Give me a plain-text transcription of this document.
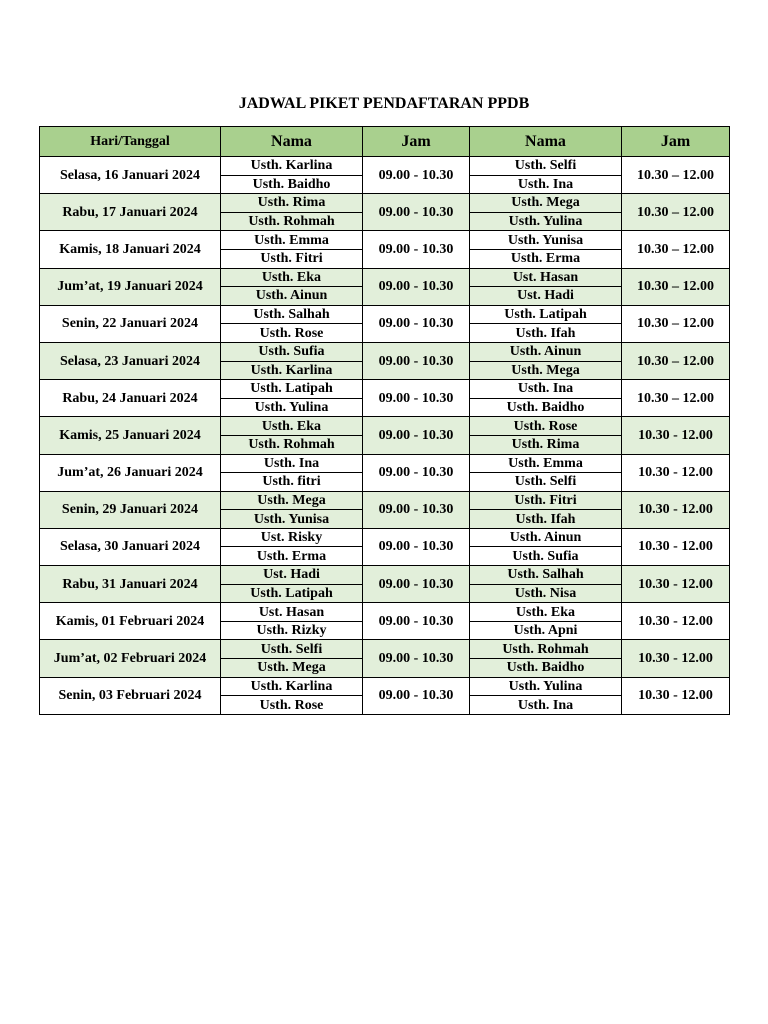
JADWAL PIKET PENDAFTARAN PPDB
Hari/Tanggal	Nama	Jam	Nama	Jam
Selasa, 16 Januari 2024	Usth. Karlina	09.00 - 10.30	Usth. Selfi	10.30 – 12.00
	Usth. Baidho		Usth. Ina	
Rabu, 17 Januari 2024	Usth. Rima	09.00 - 10.30	Usth. Mega	10.30 – 12.00
	Usth. Rohmah		Usth. Yulina	
Kamis, 18 Januari 2024	Usth. Emma	09.00 - 10.30	Usth. Yunisa	10.30 – 12.00
	Usth. Fitri		Usth. Erma	
Jum’at, 19 Januari 2024	Usth. Eka	09.00 - 10.30	Ust. Hasan	10.30 – 12.00
	Usth. Ainun		Ust. Hadi	
Senin, 22 Januari 2024	Usth. Salhah	09.00 - 10.30	Usth. Latipah	10.30 – 12.00
	Usth. Rose		Usth. Ifah	
Selasa, 23 Januari 2024	Usth. Sufia	09.00 - 10.30	Usth. Ainun	10.30 – 12.00
	Usth. Karlina		Usth. Mega	
Rabu, 24 Januari 2024	Usth. Latipah	09.00 - 10.30	Usth. Ina	10.30 – 12.00
	Usth. Yulina		Usth. Baidho	
Kamis, 25 Januari 2024	Usth. Eka	09.00 - 10.30	Usth. Rose	10.30 - 12.00
	Usth. Rohmah		Usth. Rima	
Jum’at, 26 Januari 2024	Usth. Ina	09.00 - 10.30	Usth. Emma	10.30 - 12.00
	Usth. fitri		Usth. Selfi	
Senin, 29 Januari 2024	Usth. Mega	09.00 - 10.30	Usth. Fitri	10.30 - 12.00
	Usth. Yunisa		Usth. Ifah	
Selasa, 30 Januari 2024	Ust. Risky	09.00 - 10.30	Usth. Ainun	10.30 - 12.00
	Usth. Erma		Usth. Sufia	
Rabu, 31 Januari 2024	Ust. Hadi	09.00 - 10.30	Usth. Salhah	10.30 - 12.00
	Usth. Latipah		Usth. Nisa	
Kamis, 01 Februari 2024	Ust. Hasan	09.00 - 10.30	Usth. Eka	10.30 - 12.00
	Usth. Rizky		Usth. Apni	
Jum’at, 02 Februari 2024	Usth. Selfi	09.00 - 10.30	Usth. Rohmah	10.30 - 12.00
	Usth. Mega		Usth. Baidho	
Senin, 03 Februari 2024	Usth. Karlina	09.00 - 10.30	Usth. Yulina	10.30 - 12.00
	Usth. Rose		Usth. Ina	
